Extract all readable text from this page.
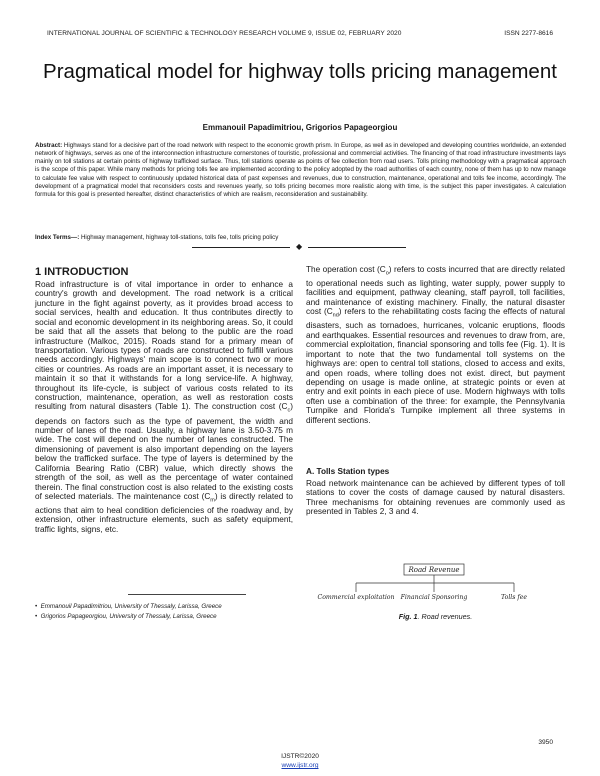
INTERNATIONAL JOURNAL OF SCIENTIFIC & TECHNOLOGY RESEARCH VOLUME 9, ISSUE 02, FEBRUARY 2020	ISSN 2277-8616
Pragmatical model for highway tolls pricing management
Emmanouil Papadimitriou, Grigorios Papageorgiou
Abstract: Highways stand for a decisive part of the road network with respect to the economic growth prism. In Europe, as well as in developed and developing countries worldwide, an extended network of highways, serves as one of the interconnection infrastructure cornerstones of touristic, professional and commercial activities. The financing of that road infrastructure investments lays mainly on toll stations at certain points of highway trafficked surface. Thus, toll stations operate as points of fee collection from road users. Tolls pricing methodology with a pragmatical approach is the scope of this paper. While many methods for pricing tolls fee are implemented according to the policy adopted by the road authorities of each country, none of them has up to now manage to calculate fee value with respect to continuously updated historical data of past expenses and revenues, due to construction, maintenance, operational and tolls fee income, accordingly. The development of a pragmatical model that reconsiders costs and revenues yearly, so tolls pricing becomes more realistic along with time, is the subject this paper investigates. A calculation formula for this goal is presented hereafter, distinct characteristics of which are realism, reconsideration and sustainability.
Index Terms—: Highway management, highway toll-stations, tolls fee, tolls pricing policy
◆
1 INTRODUCTION
Road infrastructure is of vital importance in order to enhance a country's growth and development. The road network is a critical juncture in the fight against poverty, as it provides broad access to social services, health and education. It thus contributes directly to social and economic development in its neighboring areas. So, it could be said that all the assets that belong to the public are the road infrastructure (Malkoc, 2015). Roads stand for a primary mean of transportation. Various types of roads are constructed to fulfill various needs accordingly. Highways' main scope is to connect two or more cities or countries. As roads are an important asset, it is necessary to maintain it so that it withstands for a long service-life. A highway, throughout its life-cycle, is subject of various costs related to its construction, maintenance, operation, as well as restoration costs resulting from natural disasters (Table 1). The construction cost $(C_c)$ depends on factors such as the type of pavement, the width and number of lanes of the road. Usually, a highway lane is 3.50-3.75 m wide. The cost will depend on the number of lanes constructed. The dimensioning of pavement is also important depending on the layers below the trafficked surface. The type of layers is determined by the California Bearing Ratio (CBR) value, which directly shows the strength of the soil, as well as the percentage of water contained therein. The final construction cost is also related to the existing costs of selected materials. The maintenance cost $(C_m)$ is directly related to actions that aim to heal condition deficiencies of the roadway and, by extension, other infrastructure elements, such as safety equipment, traffic lights, signs, etc.
The operation cost $(C_o)$ refers to costs incurred that are directly related to operational needs such as lighting, water supply, power supply to facilities and equipment, pathway cleaning, staff payroll, toll facilities, and maintenance of existing machinery. Finally, the natural disaster cost $(C_{nd})$ refers to the rehabilitating costs facing the effects of natural disasters, such as tornadoes, hurricanes, volcanic eruptions, floods and earthquakes. Essential resources and revenues to draw from, are, commercial exploitation, financial sponsoring and tolls fee (Fig. 1). It is important to note that the two fundamental toll systems on the highways are: open to central toll stations, closed to access and exits, and open roads, where tolling does not exist. direct, but payment depending on usage is made online, at strategic points or even at entry and exit points in each piece of use. Modern highways with tolls often use a combination of the three: for example, the Pennsylvania Turnpike and Florida's Turnpike implement all three systems in different sections.
A. Tolls Station types
Road network maintenance can be achieved by different types of toll stations to cover the costs of damage caused by natural disasters. Three mechanisms for obtaining revenues are commonly used as presented in Tables 2, 3 and 4.
Road Revenue
Commercial exploitation Financial Sponsoring	Tolls fee
Fig. 1. Road revenues.
•  Emmanouil Papadimitriou, University of Thessaly, Larissa, Greece
•  Grigorios Papageorgiou, University of Thessaly, Larissa, Greece
3950
IJSTR©2020
www.ijstr.org
